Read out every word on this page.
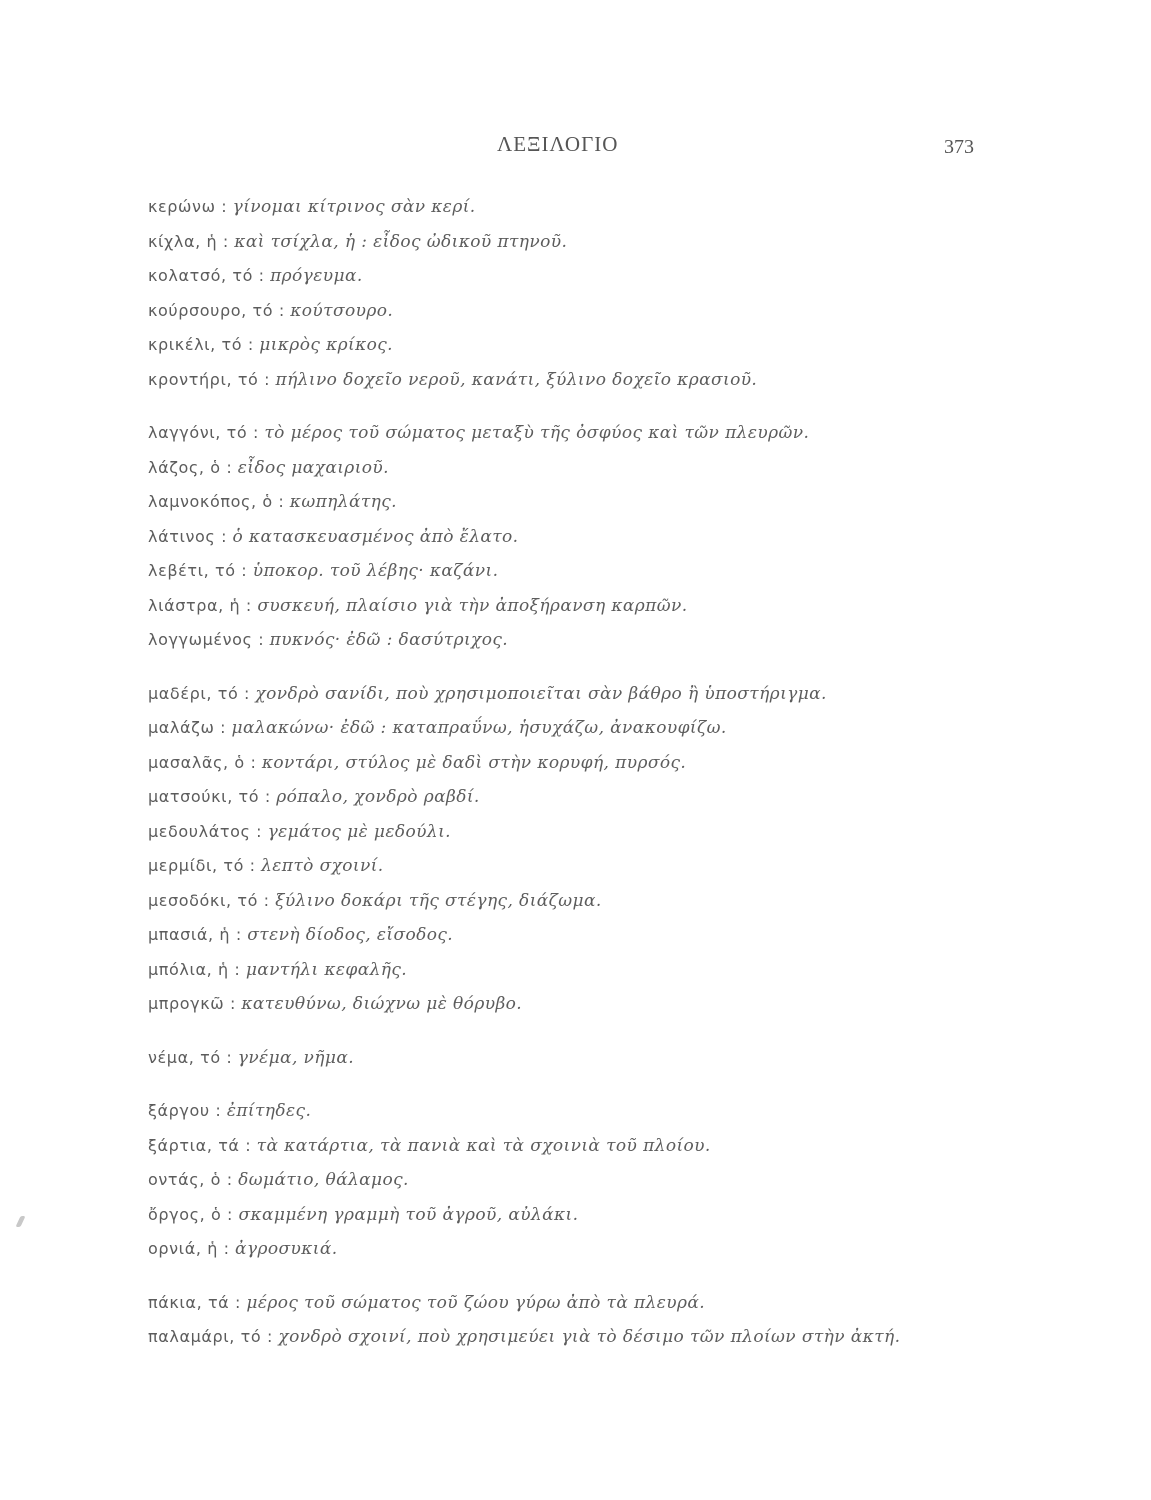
ΛΕΞΙΛΟΓΙΟ	373
κερώνω : γίνομαι κίτρινος σὰν κερί.
κίχλα, ἡ : καὶ τσίχλα, ἡ : εἶδος ὠδικοῦ πτηνοῦ.
κολατσό, τό : πρόγευμα.
κούρσουρο, τό : κούτσουρο.
κρικέλι, τό : μικρὸς κρίκος.
κροντήρι, τό : πήλινο δοχεῖο νεροῦ, κανάτι, ξύλινο δοχεῖο κρασιοῦ.
λαγγόνι, τό : τὸ μέρος τοῦ σώματος μεταξὺ τῆς ὀσφύος καὶ τῶν πλευρῶν.
λάζος, ὁ : εἶδος μαχαιριοῦ.
λαμνοκόπος, ὁ : κωπηλάτης.
λάτινος : ὁ κατασκευασμένος ἀπὸ ἔλατο.
λεβέτι, τό : ὑποκορ. τοῦ λέβης· καζάνι.
λιάστρα, ἡ : συσκευή, πλαίσιο γιὰ τὴν ἀποξήρανση καρπῶν.
λογγωμένος : πυκνός· ἐδῶ : δασύτριχος.
μαδέρι, τό : χονδρὸ σανίδι, ποὺ χρησιμοποιεῖται σὰν βάθρο ἢ ὑποστήριγμα.
μαλάζω : μαλακώνω· ἐδῶ : καταπραΰνω, ἡσυχάζω, ἀνακουφίζω.
μασαλᾶς, ὁ : κοντάρι, στύλος μὲ δαδὶ στὴν κορυφή, πυρσός.
ματσούκι, τό : ρόπαλο, χονδρὸ ραβδί.
μεδουλάτος : γεμάτος μὲ μεδούλι.
μερμίδι, τό : λεπτὸ σχοινί.
μεσοδόκι, τό : ξύλινο δοκάρι τῆς στέγης, διάζωμα.
μπασιά, ἡ : στενὴ δίοδος, εἴσοδος.
μπόλια, ἡ : μαντήλι κεφαλῆς.
μπρογκῶ : κατευθύνω, διώχνω μὲ θόρυβο.
νέμα, τό : γνέμα, νῆμα.
ξάργου : ἐπίτηδες.
ξάρτια, τά : τὰ κατάρτια, τὰ πανιὰ καὶ τὰ σχοινιὰ τοῦ πλοίου.
οντάς, ὁ : δωμάτιο, θάλαμος.
ὄργος, ὁ : σκαμμένη γραμμὴ τοῦ ἀγροῦ, αὐλάκι.
ορνιά, ἡ : ἀγροσυκιά.
πάκια, τά : μέρος τοῦ σώματος τοῦ ζώου γύρω ἀπὸ τὰ πλευρά.
παλαμάρι, τό : χονδρὸ σχοινί, ποὺ χρησιμεύει γιὰ τὸ δέσιμο τῶν πλοίων στὴν ἀκτή.
